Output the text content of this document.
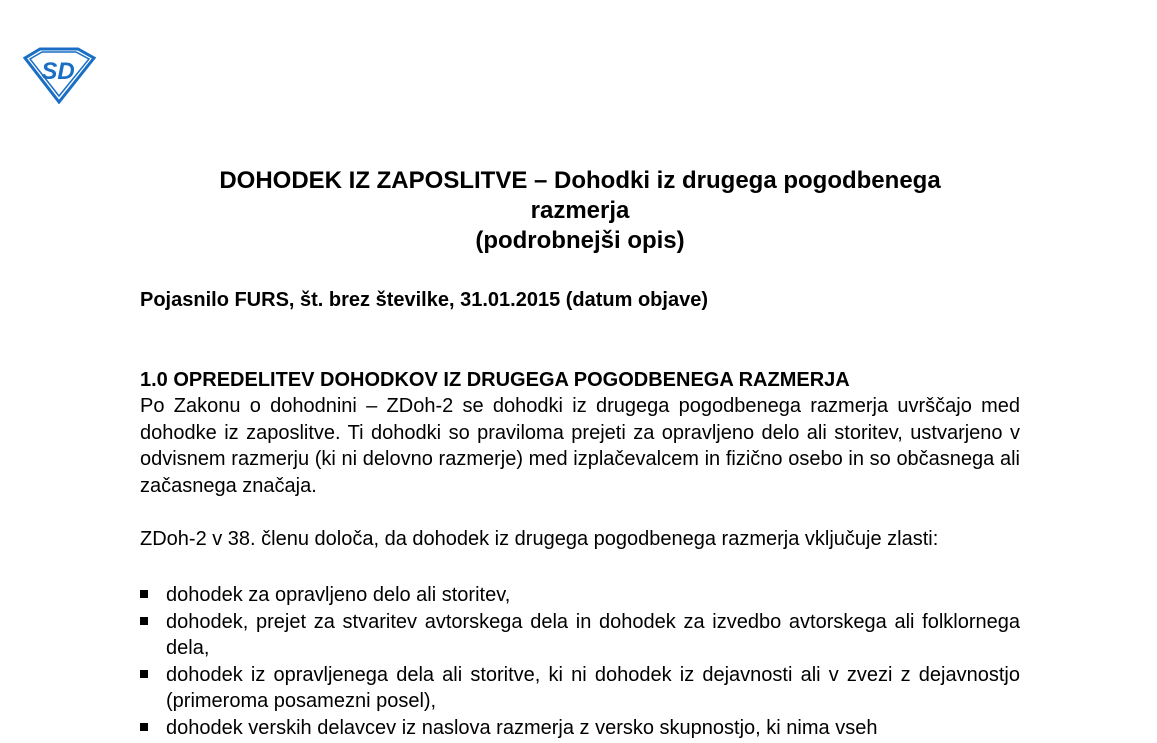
SD
DOHODEK IZ ZAPOSLITVE – Dohodki iz drugega pogodbenega
razmerja
(podrobnejši opis)
Pojasnilo FURS, št. brez številke, 31.01.2015 (datum objave)
1.0 OPREDELITEV DOHODKOV IZ DRUGEGA POGODBENEGA RAZMERJA
Po Zakonu o dohodnini – ZDoh-2 se dohodki iz drugega pogodbenega razmerja uvrščajo med dohodke iz zaposlitve. Ti dohodki so praviloma prejeti za opravljeno delo ali storitev, ustvarjeno v odvisnem razmerju (ki ni delovno razmerje) med izplačevalcem in fizično osebo in so občasnega ali začasnega značaja.
ZDoh-2 v 38. členu določa, da dohodek iz drugega pogodbenega razmerja vključuje zlasti:
dohodek za opravljeno delo ali storitev,
dohodek, prejet za stvaritev avtorskega dela in dohodek za izvedbo avtorskega ali folklornega dela,
dohodek iz opravljenega dela ali storitve, ki ni dohodek iz dejavnosti ali v zvezi z dejavnostjo (primeroma posamezni posel),
dohodek verskih delavcev iz naslova razmerja z versko skupnostjo, ki nima vseh
